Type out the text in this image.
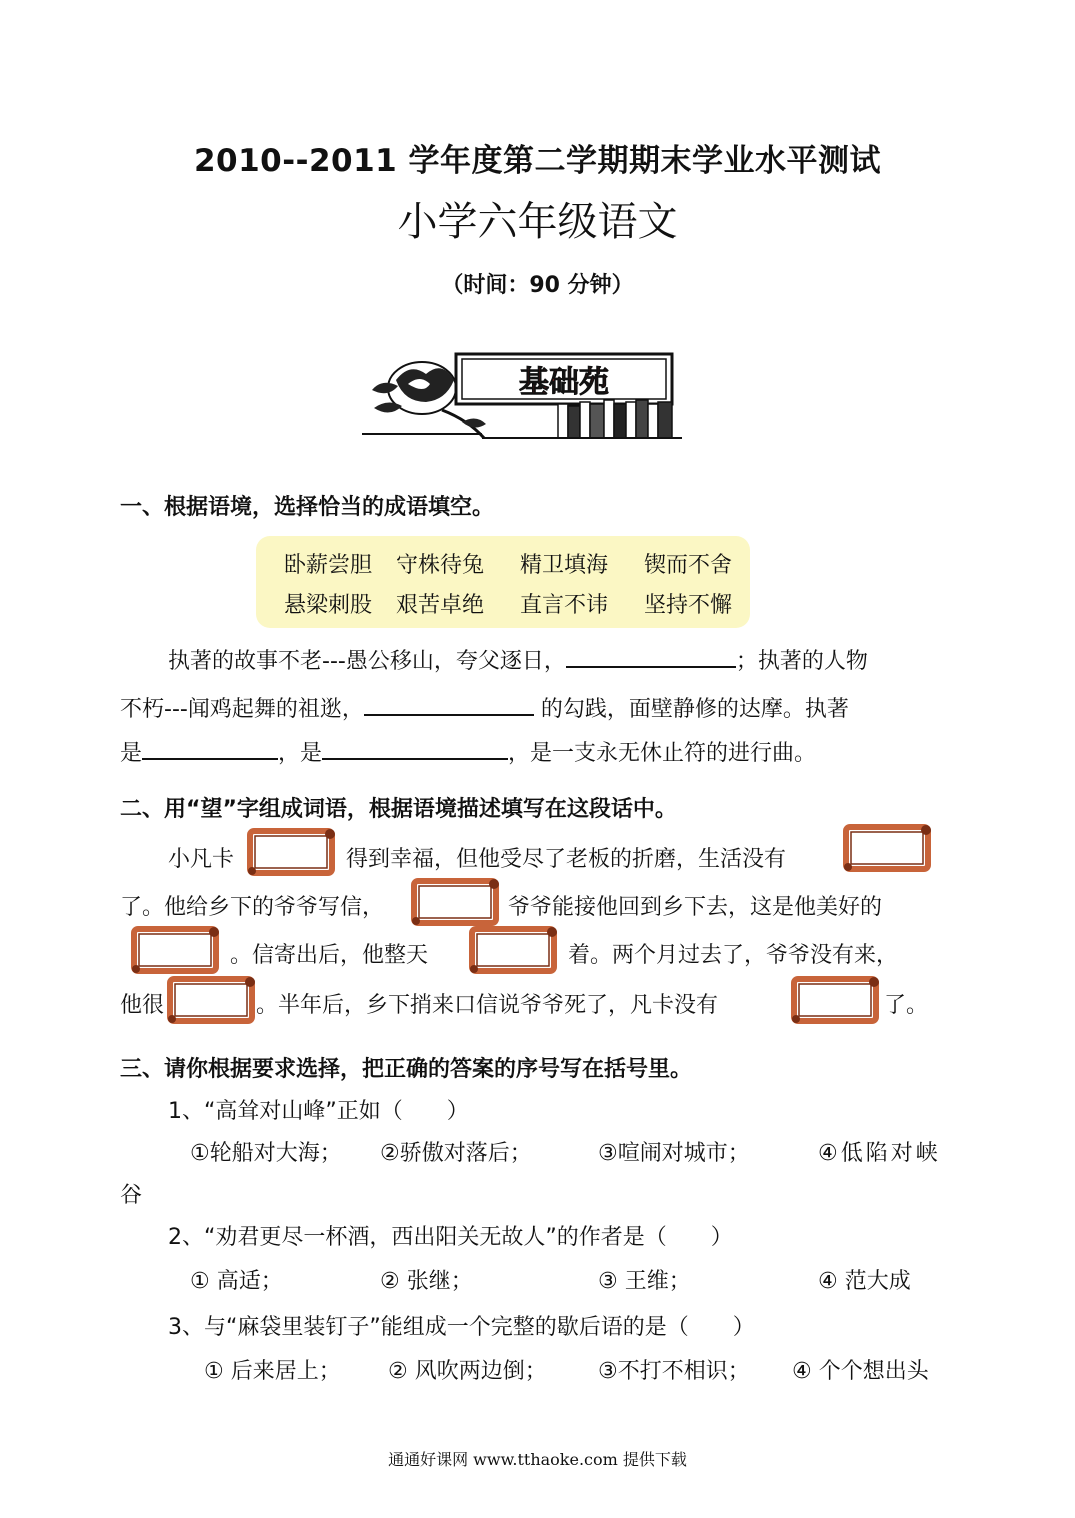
2010--2011 学年度第二学期期末学业水平测试
小学六年级语文
（时间：90 分钟）
基础苑
一、根据语境，选择恰当的成语填空。
卧薪尝胆 守株待兔 精卫填海 锲而不舍
悬梁刺股 艰苦卓绝 直言不讳 坚持不懈
执著的故事不老---愚公移山，夸父逐日，	；执著的人物
不朽---闻鸡起舞的祖逖，	的勾践，面壁静修的达摩。执著
是	，是	，是一支永无休止符的进行曲。
二、用“望”字组成词语，根据语境描述填写在这段话中。
小凡卡	得到幸福，但他受尽了老板的折磨，生活没有
了。他给乡下的爷爷写信，	爷爷能接他回到乡下去，这是他美好的
。信寄出后，他整天	着。两个月过去了，爷爷没有来，
他很	。半年后，乡下捎来口信说爷爷死了，凡卡没有	了。
三、请你根据要求选择，把正确的答案的序号写在括号里。
1、“高耸对山峰”正如（　　）
①轮船对大海； ②骄傲对落后；	③喧闹对城市；	④低陷对峡
谷
2、“劝君更尽一杯酒，西出阳关无故人”的作者是（　　）
① 高适；	② 张继；	③ 王维；	④ 范大成
3、与“麻袋里装钉子”能组成一个完整的歇后语的是（　　）
① 后来居上； ② 风吹两边倒； ③不打不相识； ④ 个个想出头
通通好课网 www.tthaoke.com 提供下载
